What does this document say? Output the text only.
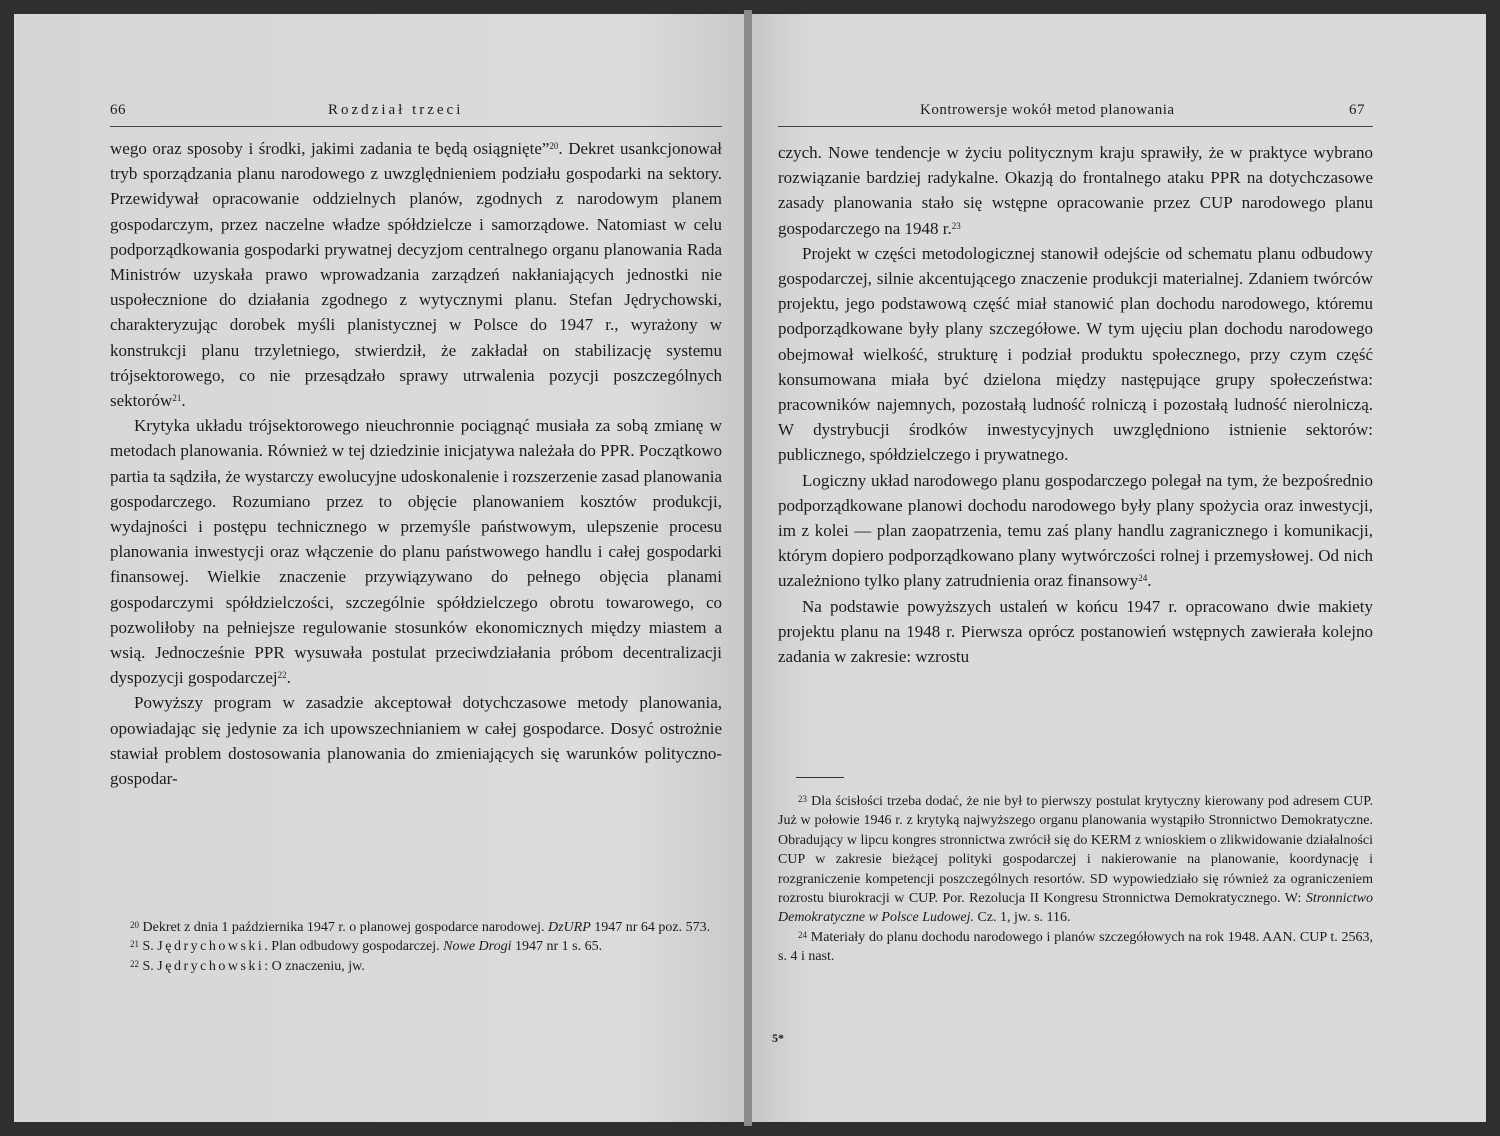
66	Rozdział trzeci

wego oraz sposoby i środki, jakimi zadania te będą osiągnięte”$^{20}$. Dekret usankcjonował tryb sporządzania planu narodowego z uwzględnieniem podziału gospodarki na sektory. Przewidywał opracowanie oddzielnych planów, zgodnych z narodowym planem gospodarczym, przez naczelne władze spółdzielcze i samorządowe. Natomiast w celu podporządkowania gospodarki prywatnej decyzjom centralnego organu planowania Rada Ministrów uzyskała prawo wprowadzania zarządzeń nakłaniających jednostki nie uspołecznione do działania zgodnego z wytycznymi planu. Stefan Jędrychowski, charakteryzując dorobek myśli planistycznej w Polsce do 1947 r., wyrażony w konstrukcji planu trzyletniego, stwierdził, że zakładał on stabilizację systemu trójsektorowego, co nie przesądzało sprawy utrwalenia pozycji poszczególnych sektorów$^{21}$.

Krytyka układu trójsektorowego nieuchronnie pociągnąć musiała za sobą zmianę w metodach planowania. Również w tej dziedzinie inicjatywa należała do PPR. Początkowo partia ta sądziła, że wystarczy ewolucyjne udoskonalenie i rozszerzenie zasad planowania gospodarczego. Rozumiano przez to objęcie planowaniem kosztów produkcji, wydajności i postępu technicznego w przemyśle państwowym, ulepszenie procesu planowania inwestycji oraz włączenie do planu państwowego handlu i całej gospodarki finansowej. Wielkie znaczenie przywiązywano do pełnego objęcia planami gospodarczymi spółdzielczości, szczególnie spółdzielczego obrotu towarowego, co pozwoliłoby na pełniejsze regulowanie stosunków ekonomicznych między miastem a wsią. Jednocześnie PPR wysuwała postulat przeciwdziałania próbom decentralizacji dyspozycji gospodarczej$^{22}$.

Powyższy program w zasadzie akceptował dotychczasowe metody planowania, opowiadając się jedynie za ich upowszechnianiem w całej gospodarce. Dosyć ostrożnie stawiał problem dostosowania planowania do zmieniających się warunków polityczno-gospodar-

$^{20}$ Dekret z dnia 1 października 1947 r. o planowej gospodarce narodowej. DzURP 1947 nr 64 poz. 573.

$^{21}$ S. Jędrychowski. Plan odbudowy gospodarczej. Nowe Drogi 1947 nr 1 s. 65.

$^{22}$ S. Jędrychowski: O znaczeniu, jw.

Kontrowersje wokół metod planowania	67

czych. Nowe tendencje w życiu politycznym kraju sprawiły, że w praktyce wybrano rozwiązanie bardziej radykalne. Okazją do frontalnego ataku PPR na dotychczasowe zasady planowania stało się wstępne opracowanie przez CUP narodowego planu gospodarczego na 1948 r.$^{23}$

Projekt w części metodologicznej stanowił odejście od schematu planu odbudowy gospodarczej, silnie akcentującego znaczenie produkcji materialnej. Zdaniem twórców projektu, jego podstawową część miał stanowić plan dochodu narodowego, któremu podporządkowane były plany szczegółowe. W tym ujęciu plan dochodu narodowego obejmował wielkość, strukturę i podział produktu społecznego, przy czym część konsumowana miała być dzielona między następujące grupy społeczeństwa: pracowników najemnych, pozostałą ludność rolniczą i pozostałą ludność nierolniczą. W dystrybucji środków inwestycyjnych uwzględniono istnienie sektorów: publicznego, spółdzielczego i prywatnego.

Logiczny układ narodowego planu gospodarczego polegał na tym, że bezpośrednio podporządkowane planowi dochodu narodowego były plany spożycia oraz inwestycji, im z kolei — plan zaopatrzenia, temu zaś plany handlu zagranicznego i komunikacji, którym dopiero podporządkowano plany wytwórczości rolnej i przemysłowej. Od nich uzależniono tylko plany zatrudnienia oraz finansowy$^{24}$.

Na podstawie powyższych ustaleń w końcu 1947 r. opracowano dwie makiety projektu planu na 1948 r. Pierwsza oprócz postanowień wstępnych zawierała kolejno zadania w zakresie: wzrostu

$^{23}$ Dla ścisłości trzeba dodać, że nie był to pierwszy postulat krytyczny kierowany pod adresem CUP. Już w połowie 1946 r. z krytyką najwyższego organu planowania wystąpiło Stronnictwo Demokratyczne. Obradujący w lipcu kongres stronnictwa zwrócił się do KERM z wnioskiem o zlikwidowanie działalności CUP w zakresie bieżącej polityki gospodarczej i nakierowanie na planowanie, koordynację i rozgraniczenie kompetencji poszczególnych resortów. SD wypowiedziało się również za ograniczeniem rozrostu biurokracji w CUP. Por. Rezolucja II Kongresu Stronnictwa Demokratycznego. W: Stronnictwo Demokratyczne w Polsce Ludowej. Cz. 1, jw. s. 116.

$^{24}$ Materiały do planu dochodu narodowego i planów szczegółowych na rok 1948. AAN. CUP t. 2563, s. 4 i nast.

5*
